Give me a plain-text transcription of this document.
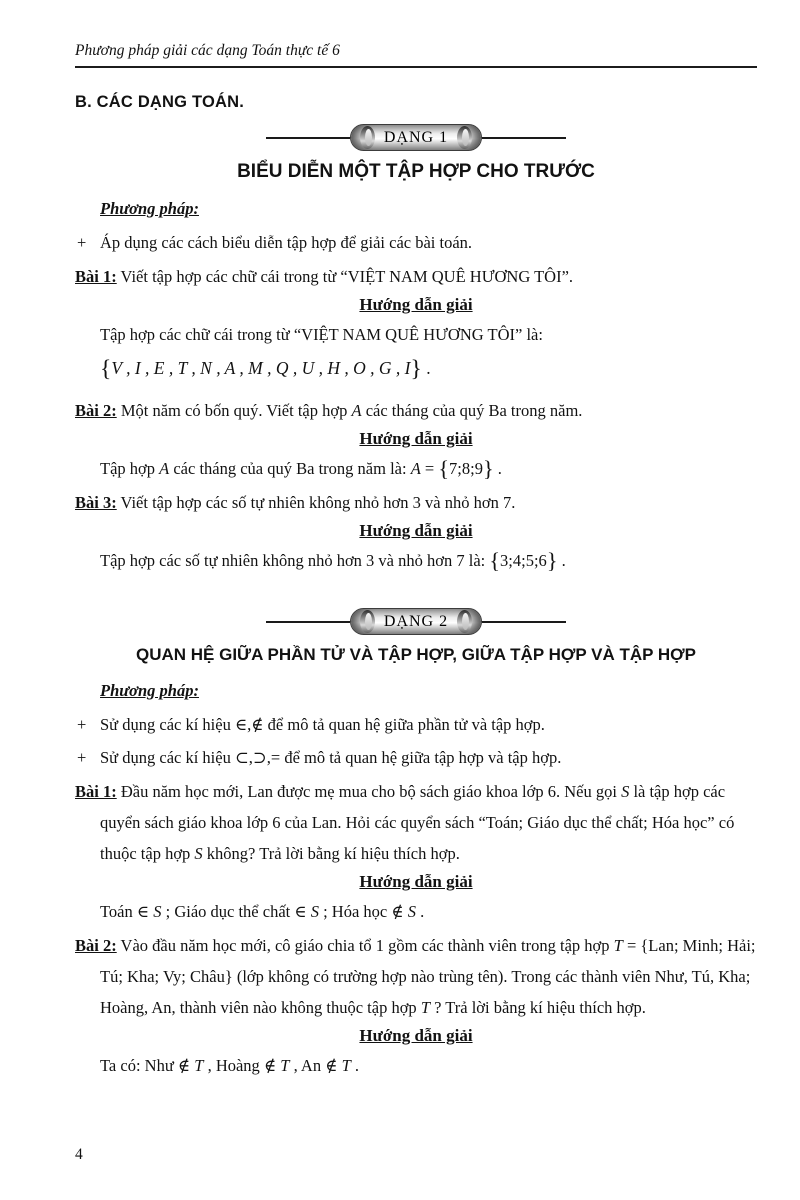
Phương pháp giải các dạng Toán thực tế 6
B. CÁC DẠNG TOÁN.
DẠNG 1
BIỂU DIỄN MỘT TẬP HỢP CHO TRƯỚC
Phương pháp:

+ Áp dụng các cách biểu diễn tập hợp để giải các bài toán.

Bài 1: Viết tập hợp các chữ cái trong từ “VIỆT NAM QUÊ HƯƠNG TÔI”.

Hướng dẫn giải

Tập hợp các chữ cái trong từ “VIỆT NAM QUÊ HƯƠNG TÔI” là:

{V , I , E , T , N , A , M , Q , U , H , O , G , I} .

Bài 2: Một năm có bốn quý. Viết tập hợp A các tháng của quý Ba trong năm.

Hướng dẫn giải

Tập hợp A các tháng của quý Ba trong năm là: A = {7;8;9} .

Bài 3: Viết tập hợp các số tự nhiên không nhỏ hơn 3 và nhỏ hơn 7.

Hướng dẫn giải

Tập hợp các số tự nhiên không nhỏ hơn 3 và nhỏ hơn 7 là: {3;4;5;6} .

DẠNG 2
QUAN HỆ GIỮA PHẦN TỬ VÀ TẬP HỢP, GIỮA TẬP HỢP VÀ TẬP HỢP
Phương pháp:

+ Sử dụng các kí hiệu ∈,∉ để mô tả quan hệ giữa phần tử và tập hợp.

+ Sử dụng các kí hiệu ⊂,⊃,= để mô tả quan hệ giữa tập hợp và tập hợp.

Bài 1: Đầu năm học mới, Lan được mẹ mua cho bộ sách giáo khoa lớp 6. Nếu gọi S là tập hợp các quyển sách giáo khoa lớp 6 của Lan. Hỏi các quyển sách “Toán; Giáo dục thể chất; Hóa học” có thuộc tập hợp S không? Trả lời bằng kí hiệu thích hợp.

Hướng dẫn giải

Toán ∈ S ; Giáo dục thể chất ∈ S ; Hóa học ∉ S .

Bài 2: Vào đầu năm học mới, cô giáo chia tổ 1 gồm các thành viên trong tập hợp T = {Lan; Minh; Hải; Tú; Kha; Vy; Châu} (lớp không có trường hợp nào trùng tên). Trong các thành viên Như, Tú, Kha; Hoàng, An, thành viên nào không thuộc tập hợp T ? Trả lời bằng kí hiệu thích hợp.

Hướng dẫn giải

Ta có: Như ∉ T , Hoàng ∉ T , An ∉ T .

4
